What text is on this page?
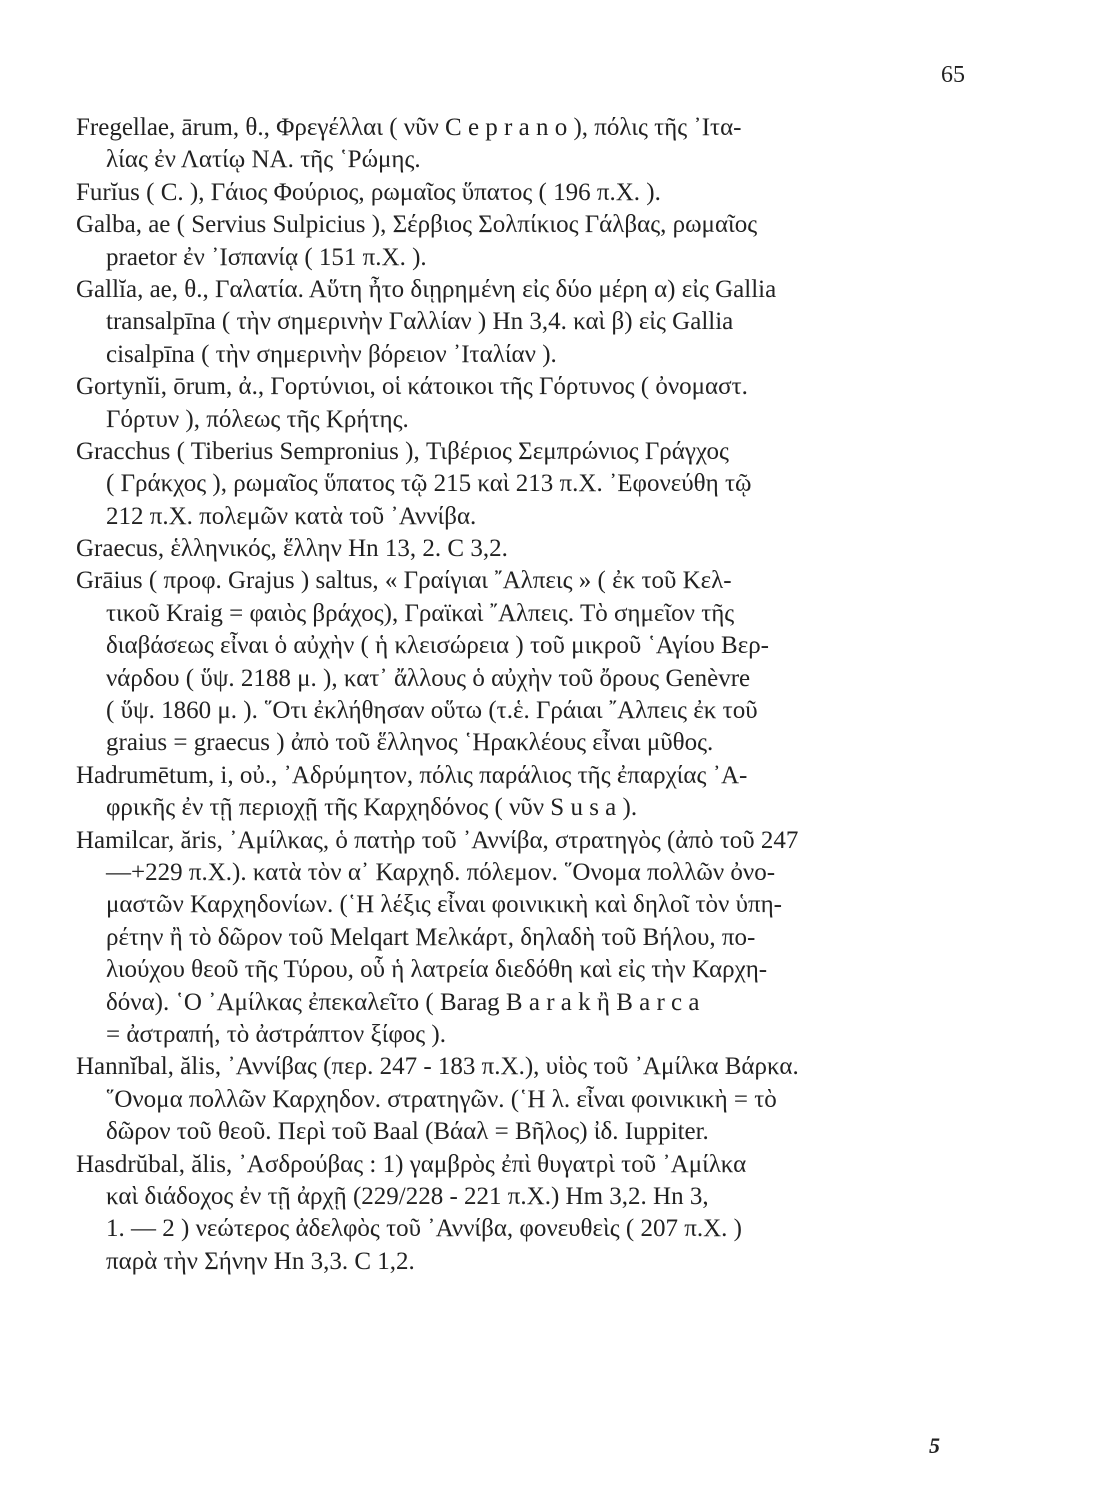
65
Fregellae, ārum, θ., Φρεγέλλαι ( νῦν C e p r a n o ), πόλις τῆς ᾽Ιτα-
λίας ἐν Λατίῳ ΝΑ. τῆς ῾Ρώμης.
Furĭus ( C. ), Γάιος Φούριος, ρωμαῖος ὕπατος ( 196 π.Χ. ).
Galba, ae ( Servius Sulpicius ), Σέρβιος Σολπίκιος Γάλβας, ρωμαῖος
praetor ἐν ᾽Ισπανίᾳ ( 151 π.Χ. ).
Gallĭa, ae, θ., Γαλατία. Αὕτη ἦτο διῃρημένη εἰς δύο μέρη α) εἰς Gallia
transalpīna ( τὴν σημερινὴν Γαλλίαν ) Hn 3,4. καὶ β) εἰς Gallia
cisalpīna ( τὴν σημερινὴν βόρειον ᾽Ιταλίαν ).
Gortynĭi, ōrum, ἀ., Γορτύνιοι, οἱ κάτοικοι τῆς Γόρτυνος ( ὀνομαστ.
Γόρτυν ), πόλεως τῆς Κρήτης.
Gracchus ( Tiberius Sempronius ), Τιβέριος Σεμπρώνιος Γράγχος
( Γράκχος ), ρωμαῖος ὕπατος τῷ 215 καὶ 213 π.Χ. ᾽Εφονεύθη τῷ
212 π.Χ. πολεμῶν κατὰ τοῦ ᾽Αννίβα.
Graecus, ἑλληνικός, ἕλλην Hn 13, 2. C 3,2.
Grāius ( προφ. Grajus ) saltus, « Γραίγιαι ῎Αλπεις » ( ἐκ τοῦ Κελ-
τικοῦ Kraig = φαιὸς βράχος), Γραϊκαὶ ῎Αλπεις. Τὸ σημεῖον τῆς
διαβάσεως εἶναι ὁ αὐχὴν ( ἡ κλεισώρεια ) τοῦ μικροῦ ῾Αγίου Βερ-
νάρδου ( ὕψ. 2188 μ. ), κατ᾽ ἄλλους ὁ αὐχὴν τοῦ ὄρους Genèvre
( ὕψ. 1860 μ. ). ῞Οτι ἐκλήθησαν οὕτω (τ.ἑ. Γράιαι ῎Αλπεις ἐκ τοῦ
graius = graecus ) ἀπὸ τοῦ ἕλληνος ῾Ηρακλέους εἶναι μῦθος.
Hadrumētum, i, οὐ., ᾽Αδρύμητον, πόλις παράλιος τῆς ἐπαρχίας ᾽Α-
φρικῆς ἐν τῇ περιοχῇ τῆς Καρχηδόνος ( νῦν S u s a ).
Hamilcar, ăris, ᾽Αμίλκας, ὁ πατὴρ τοῦ ᾽Αννίβα, στρατηγὸς (ἀπὸ τοῦ 247
—+229 π.Χ.). κατὰ τὸν α᾽ Καρχηδ. πόλεμον. ῞Ονομα πολλῶν ὀνο-
μαστῶν Καρχηδονίων. (῾Η λέξις εἶναι φοινικικὴ καὶ δηλοῖ τὸν ὑπη-
ρέτην ἢ τὸ δῶρον τοῦ Melqart Μελκάρτ, δηλαδὴ τοῦ Βήλου, πο-
λιούχου θεοῦ τῆς Τύρου, οὗ ἡ λατρεία διεδόθη καὶ εἰς τὴν Καρχη-
δόνα). ῾Ο ᾽Αμίλκας ἐπεκαλεῖτο ( Barag B a r a k ἢ B a r c a
= ἀστραπή, τὸ ἀστράπτον ξίφος ).
Hannĭbal, ălis, ᾽Αννίβας (περ. 247 - 183 π.Χ.), υἱὸς τοῦ ᾽Αμίλκα Βάρκα.
῞Ονομα πολλῶν Καρχηδον. στρατηγῶν. (῾Η λ. εἶναι φοινικικὴ = τὸ
δῶρον τοῦ θεοῦ. Περὶ τοῦ Baal (Βάαλ = Βῆλος) ἰδ. Iuppiter.
Hasdrŭbal, ălis, ᾽Ασδρούβας : 1) γαμβρὸς ἐπὶ θυγατρὶ τοῦ ᾽Αμίλκα
καὶ διάδοχος ἐν τῇ ἀρχῇ (229/228 - 221 π.Χ.) Hm 3,2. Hn 3,
1. — 2 ) νεώτερος ἀδελφὸς τοῦ ᾽Αννίβα, φονευθεὶς ( 207 π.Χ. )
παρὰ τὴν Σήνην Hn 3,3. C 1,2.
5
